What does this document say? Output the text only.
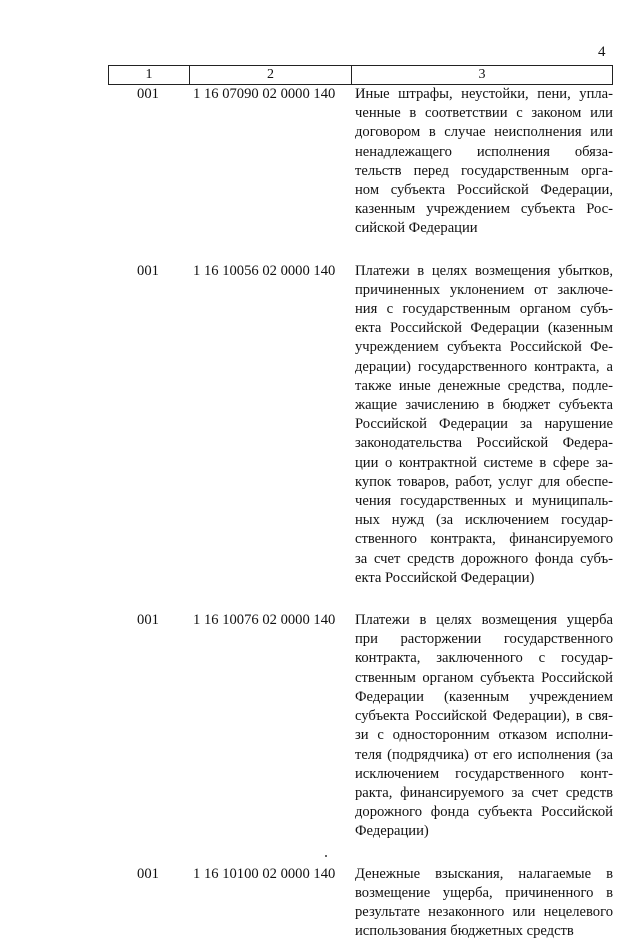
4
1	2	3
001	1 16 07090 02 0000 140	Иные штрафы, неустойки, пени, упла-
ченные в соответствии с законом или
договором в случае неисполнения или
ненадлежащего исполнения обяза-
тельств перед государственным орга-
ном субъекта Российской Федерации,
казенным учреждением субъекта Рос-
сийской Федерации
001	1 16 10056 02 0000 140	Платежи в целях возмещения убытков,
причиненных уклонением от заключе-
ния с государственным органом субъ-
екта Российской Федерации (казенным
учреждением субъекта Российской Фе-
дерации) государственного контракта, а
также иные денежные средства, подле-
жащие зачислению в бюджет субъекта
Российской Федерации за нарушение
законодательства Российской Федера-
ции о контрактной системе в сфере за-
купок товаров, работ, услуг для обеспе-
чения государственных и муниципаль-
ных нужд (за исключением государ-
ственного контракта, финансируемого
за счет средств дорожного фонда субъ-
екта Российской Федерации)
001	1 16 10076 02 0000 140	Платежи в целях возмещения ущерба
при расторжении государственного
контракта, заключенного с государ-
ственным органом субъекта Российской
Федерации (казенным учреждением
субъекта Российской Федерации), в свя-
зи с односторонним отказом исполни-
теля (подрядчика) от его исполнения (за
исключением государственного конт-
ракта, финансируемого за счет средств
дорожного фонда субъекта Российской
Федерации)
001	1 16 10100 02 0000 140	Денежные взыскания, налагаемые в
возмещение ущерба, причиненного в
результате незаконного или нецелевого
использования бюджетных средств
